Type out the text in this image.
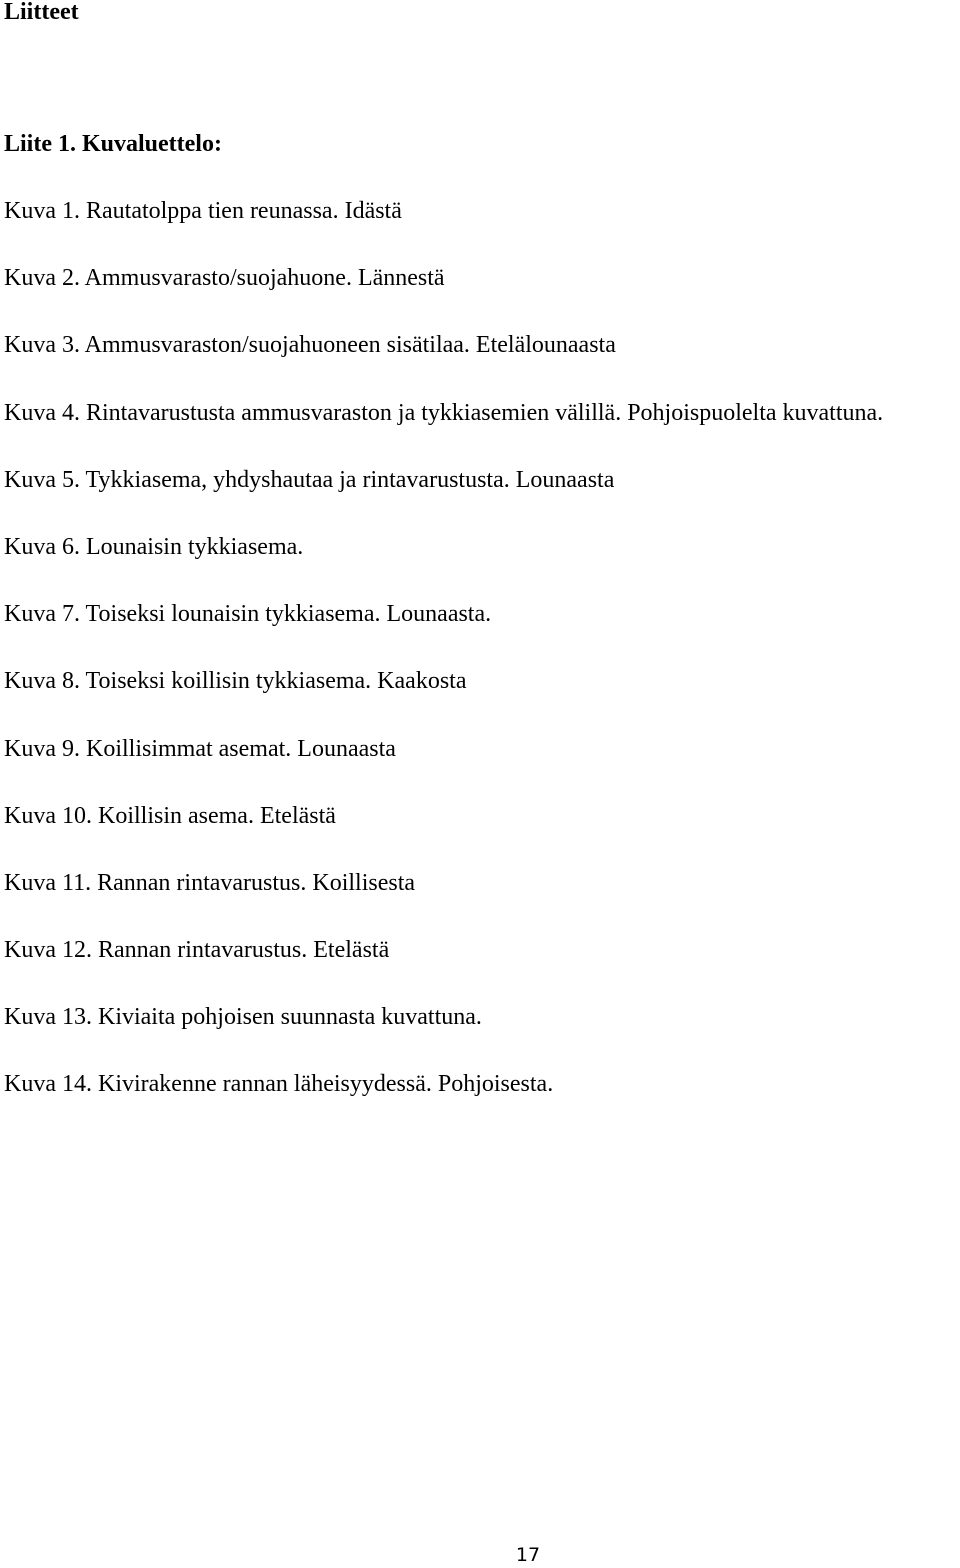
Liitteet
Liite 1. Kuvaluettelo:
Kuva 1. Rautatolppa tien reunassa. Idästä
Kuva 2. Ammusvarasto/suojahuone. Lännestä
Kuva 3. Ammusvaraston/suojahuoneen sisätilaa. Etelälounaasta
Kuva 4. Rintavarustusta ammusvaraston ja tykkiasemien välillä. Pohjoispuolelta kuvattuna.
Kuva 5. Tykkiasema, yhdyshautaa ja rintavarustusta. Lounaasta
Kuva 6. Lounaisin tykkiasema.
Kuva 7. Toiseksi lounaisin tykkiasema. Lounaasta.
Kuva 8. Toiseksi koillisin tykkiasema. Kaakosta
Kuva 9. Koillisimmat asemat. Lounaasta
Kuva 10. Koillisin asema. Etelästä
Kuva 11. Rannan rintavarustus. Koillisesta
Kuva 12. Rannan rintavarustus. Etelästä
Kuva 13. Kiviaita pohjoisen suunnasta kuvattuna.
Kuva 14. Kivirakenne rannan läheisyydessä. Pohjoisesta.
17
